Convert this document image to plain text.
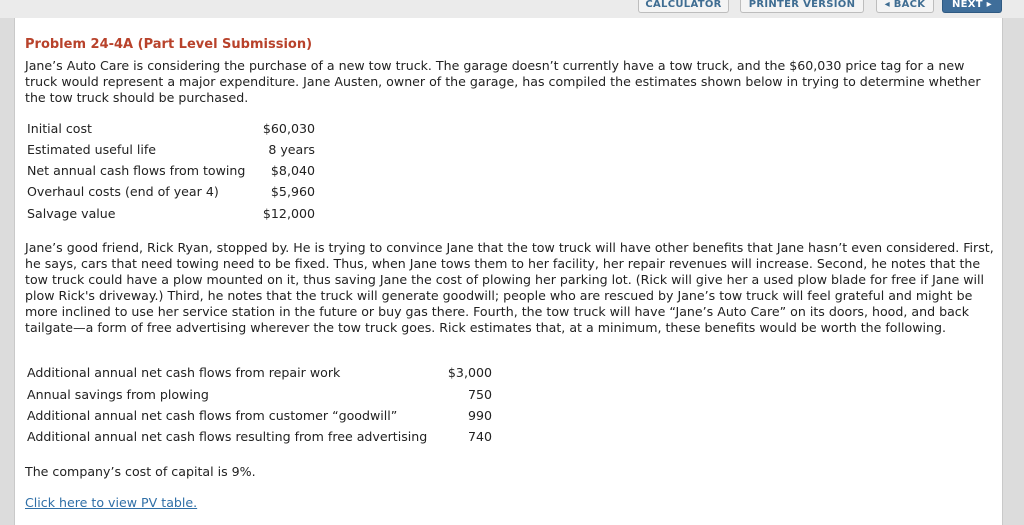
CALCULATOR	PRINTER VERSION	◂ BACK	NEXT ▸
Problem 24-4A (Part Level Submission)
Jane’s Auto Care is considering the purchase of a new tow truck. The garage doesn’t currently have a tow truck, and the $60,030 price tag for a new truck would represent a major expenditure. Jane Austen, owner of the garage, has compiled the estimates shown below in trying to determine whether the tow truck should be purchased.
Initial cost	$60,030
Estimated useful life	8 years
Net annual cash flows from towing $8,040
Overhaul costs (end of year 4)	$5,960
Salvage value	$12,000
Jane’s good friend, Rick Ryan, stopped by. He is trying to convince Jane that the tow truck will have other benefits that Jane hasn’t even considered. First, he says, cars that need towing need to be fixed. Thus, when Jane tows them to her facility, her repair revenues will increase. Second, he notes that the tow truck could have a plow mounted on it, thus saving Jane the cost of plowing her parking lot. (Rick will give her a used plow blade for free if Jane will plow Rick's driveway.) Third, he notes that the truck will generate goodwill; people who are rescued by Jane’s tow truck will feel grateful and might be more inclined to use her service station in the future or buy gas there. Fourth, the tow truck will have “Jane’s Auto Care” on its doors, hood, and back tailgate—a form of free advertising wherever the tow truck goes. Rick estimates that, at a minimum, these benefits would be worth the following.
Additional annual net cash flows from repair work	$3,000
Annual savings from plowing	750
Additional annual net cash flows from customer “goodwill”	990
Additional annual net cash flows resulting from free advertising	740
The company’s cost of capital is 9%.
Click here to view PV table.
